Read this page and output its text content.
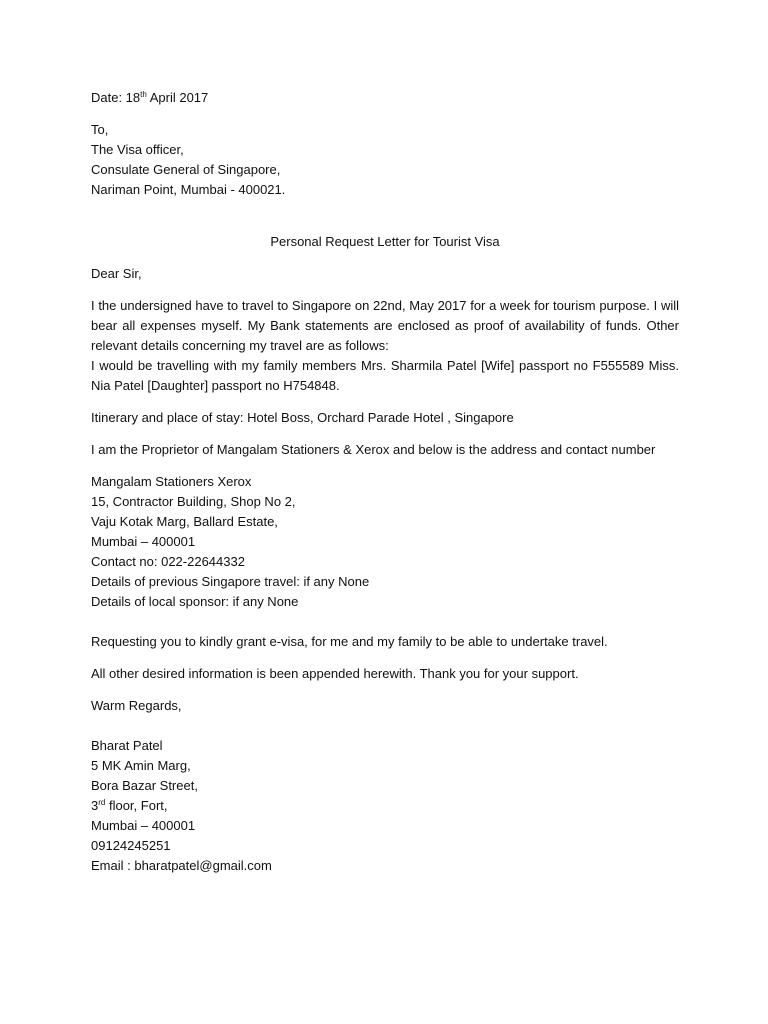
Date: 18th April 2017
To,
The Visa officer,
Consulate General of Singapore,
Nariman Point, Mumbai - 400021.
Personal Request Letter for Tourist Visa
Dear Sir,
I the undersigned have to travel to Singapore on 22nd, May 2017 for a week for tourism purpose. I will bear all expenses myself. My Bank statements are enclosed as proof of availability of funds. Other relevant details concerning my travel are as follows:
I would be travelling with my family members Mrs. Sharmila Patel [Wife] passport no F555589 Miss. Nia Patel [Daughter] passport no H754848.
Itinerary and place of stay: Hotel Boss, Orchard Parade Hotel , Singapore
I am the Proprietor of Mangalam Stationers & Xerox and below is the address and contact number
Mangalam Stationers Xerox
15, Contractor Building, Shop No 2,
Vaju Kotak Marg, Ballard Estate,
Mumbai – 400001
Contact no: 022-22644332
Details of previous Singapore travel: if any None
Details of local sponsor: if any None
Requesting you to kindly grant e-visa, for me and my family to be able to undertake travel.
All other desired information is been appended herewith. Thank you for your support.
Warm Regards,
Bharat Patel
5 MK Amin Marg,
Bora Bazar Street,
3rd floor, Fort,
Mumbai – 400001
09124245251
Email : bharatpatel@gmail.com
